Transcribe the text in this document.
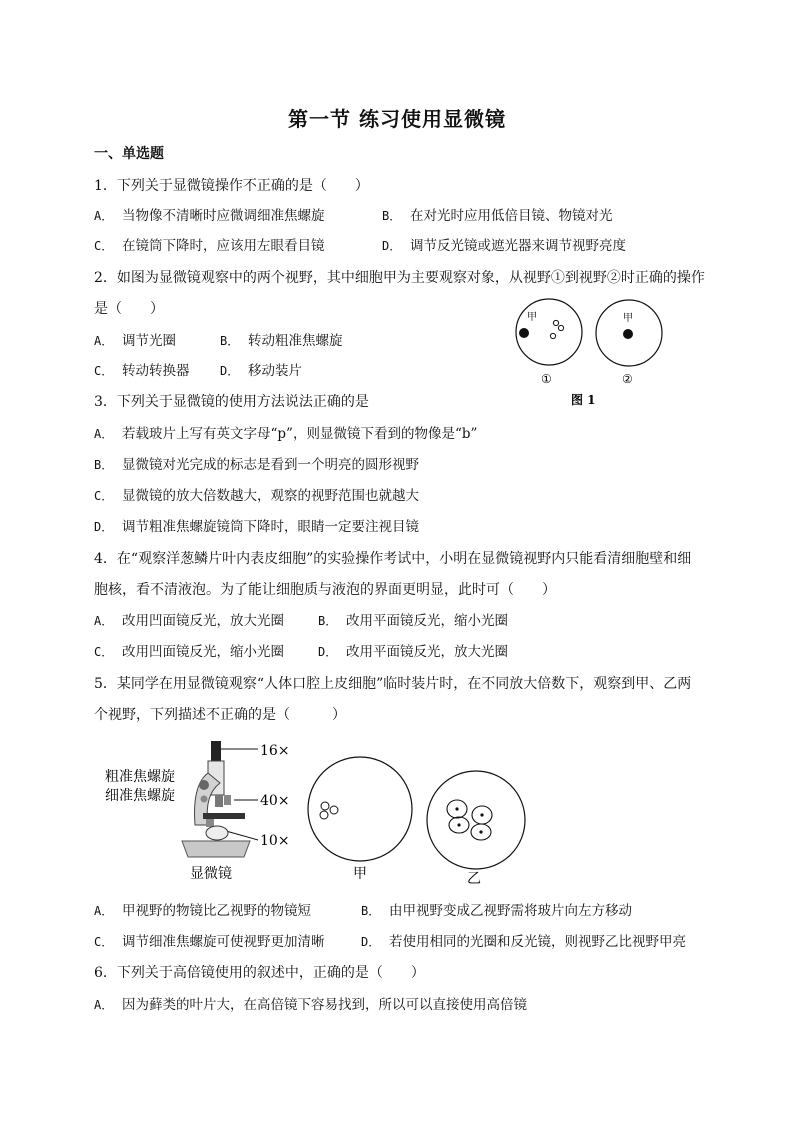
第一节 练习使用显微镜
一、单选题
1．下列关于显微镜操作不正确的是（　　）
A． 当物像不清晰时应微调细准焦螺旋	B． 在对光时应用低倍目镜、物镜对光
C． 在镜筒下降时，应该用左眼看目镜	D． 调节反光镜或遮光器来调节视野亮度
2．如图为显微镜观察中的两个视野，其中细胞甲为主要观察对象，从视野①到视野②时正确的操作
是（　　）
A． 调节光圈	B． 转动粗准焦螺旋
C． 转动转换器	D． 移动装片
甲	甲
①	②
图 1
3．下列关于显微镜的使用方法说法正确的是
A． 若载玻片上写有英文字母“p”，则显微镜下看到的物像是“b”
B． 显微镜对光完成的标志是看到一个明亮的圆形视野
C． 显微镜的放大倍数越大，观察的视野范围也就越大
D． 调节粗准焦螺旋镜筒下降时，眼睛一定要注视目镜
4．在“观察洋葱鳞片叶内表皮细胞”的实验操作考试中，小明在显微镜视野内只能看清细胞壁和细
胞核，看不清液泡。为了能让细胞质与液泡的界面更明显，此时可（　　）
A． 改用凹面镜反光，放大光圈	B． 改用平面镜反光，缩小光圈
C． 改用凹面镜反光，缩小光圈	D． 改用平面镜反光，放大光圈
5．某同学在用显微镜观察“人体口腔上皮细胞”临时装片时，在不同放大倍数下，观察到甲、乙两
个视野，下列描述不正确的是（　　　）
粗准焦螺旋
细准焦螺旋
16×
40×
10×
显微镜	甲	乙
A． 甲视野的物镜比乙视野的物镜短	B． 由甲视野变成乙视野需将玻片向左方移动
C． 调节细准焦螺旋可使视野更加清晰	D． 若使用相同的光圈和反光镜，则视野乙比视野甲亮
6．下列关于高倍镜使用的叙述中，正确的是（　　）
A． 因为藓类的叶片大，在高倍镜下容易找到，所以可以直接使用高倍镜
